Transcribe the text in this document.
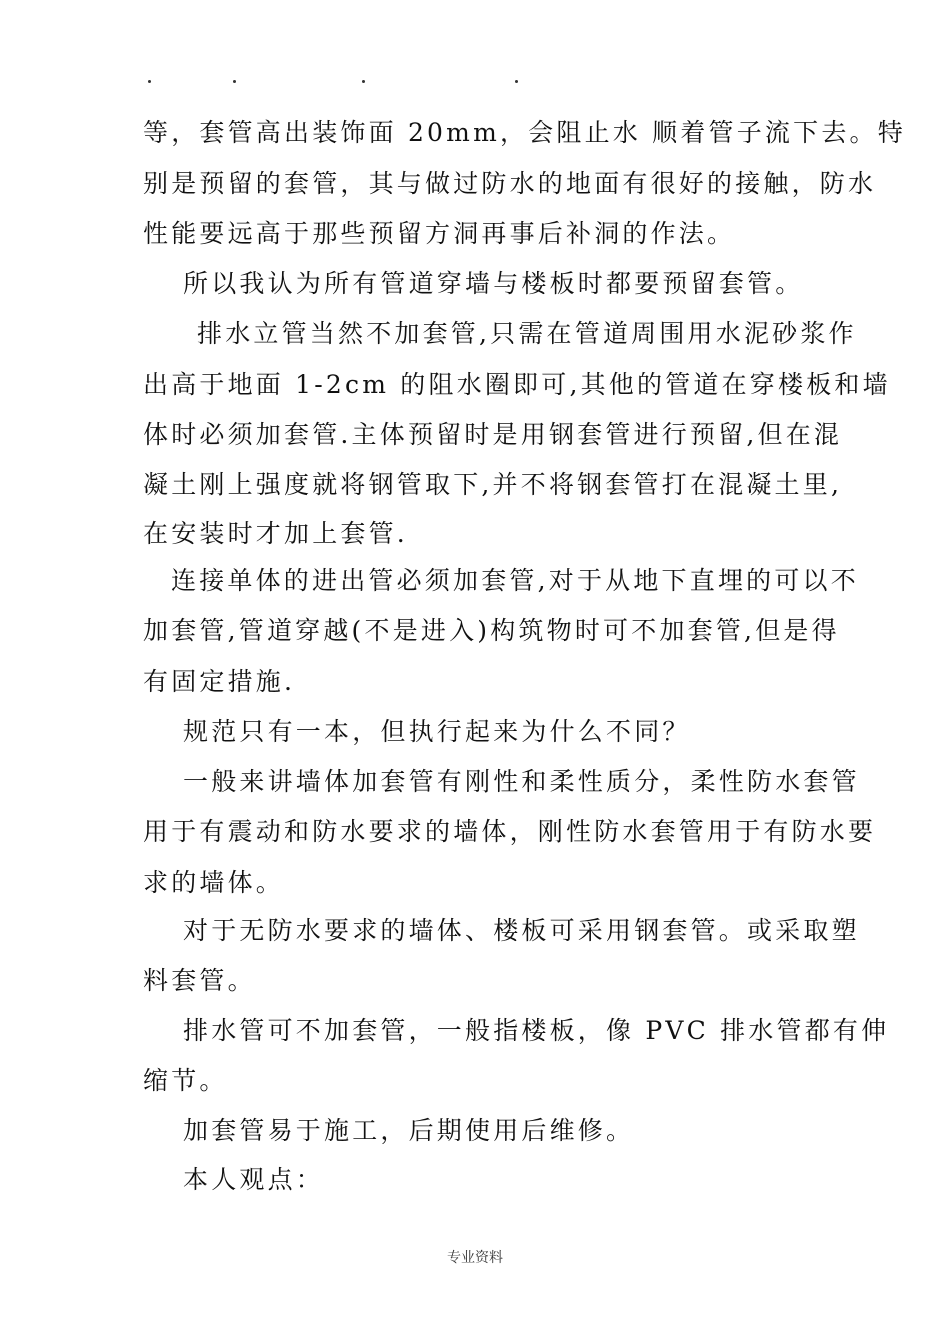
等，套管高出装饰面 20mm，会阻止水 顺着管子流下去。特
别是预留的套管，其与做过防水的地面有很好的接触，防水
性能要远高于那些预留方洞再事后补洞的作法。
所以我认为所有管道穿墙与楼板时都要预留套管。
排水立管当然不加套管,只需在管道周围用水泥砂浆作
出高于地面 1-2cm 的阻水圈即可,其他的管道在穿楼板和墙
体时必须加套管.主体预留时是用钢套管进行预留,但在混
凝土刚上强度就将钢管取下,并不将钢套管打在混凝土里,
在安装时才加上套管.
连接单体的进出管必须加套管,对于从地下直埋的可以不
加套管,管道穿越(不是进入)构筑物时可不加套管,但是得
有固定措施.
规范只有一本，但执行起来为什么不同？
一般来讲墙体加套管有刚性和柔性质分，柔性防水套管
用于有震动和防水要求的墙体，刚性防水套管用于有防水要
求的墙体。
对于无防水要求的墙体、楼板可采用钢套管。或采取塑
料套管。
排水管可不加套管，一般指楼板，像 PVC 排水管都有伸
缩节。
加套管易于施工，后期使用后维修。
本人观点：
专业资料
